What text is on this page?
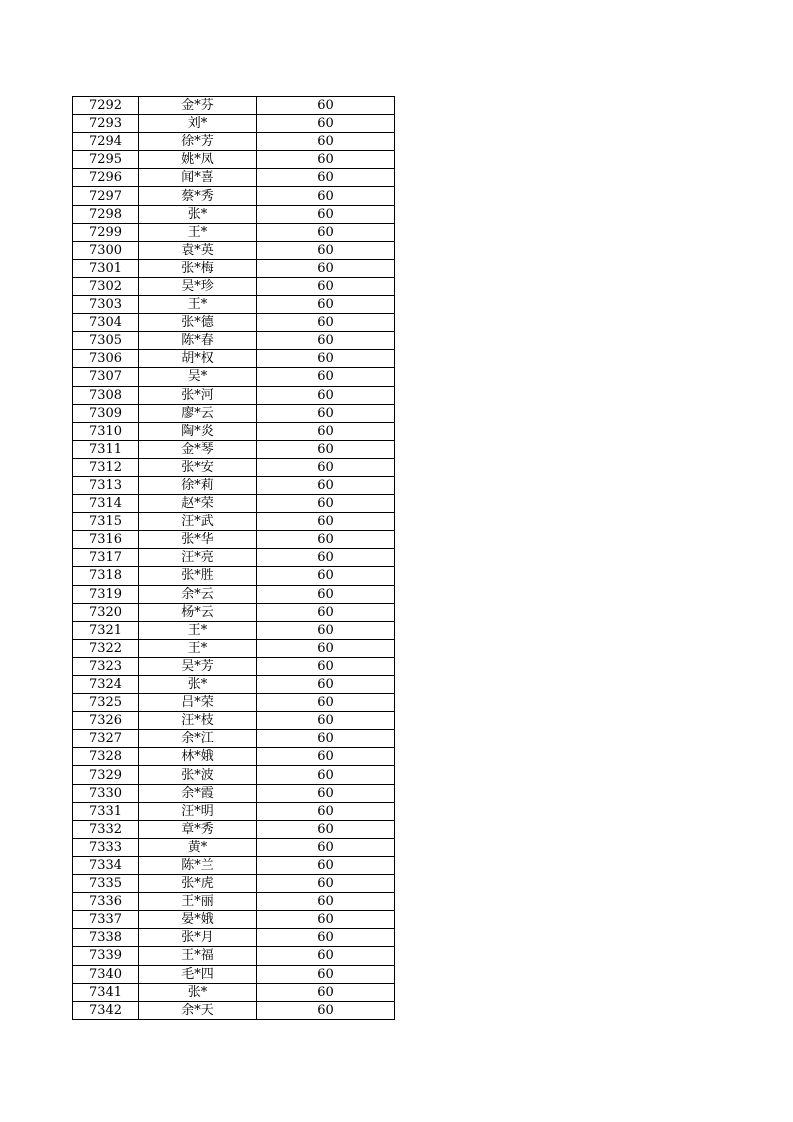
7292	金*芬	60
7293	刘*	60
7294	徐*芳	60
7295	姚*凤	60
7296	闻*喜	60
7297	蔡*秀	60
7298	张*	60
7299	王*	60
7300	袁*英	60
7301	张*梅	60
7302	吴*珍	60
7303	王*	60
7304	张*德	60
7305	陈*春	60
7306	胡*权	60
7307	吴*	60
7308	张*河	60
7309	廖*云	60
7310	陶*炎	60
7311	金*琴	60
7312	张*安	60
7313	徐*莉	60
7314	赵*荣	60
7315	汪*武	60
7316	张*华	60
7317	汪*亮	60
7318	张*胜	60
7319	余*云	60
7320	杨*云	60
7321	王*	60
7322	王*	60
7323	吴*芳	60
7324	张*	60
7325	吕*荣	60
7326	汪*枝	60
7327	余*江	60
7328	林*娥	60
7329	张*波	60
7330	余*霞	60
7331	汪*明	60
7332	章*秀	60
7333	黄*	60
7334	陈*兰	60
7335	张*虎	60
7336	王*丽	60
7337	晏*娥	60
7338	张*月	60
7339	王*福	60
7340	毛*四	60
7341	张*	60
7342	余*天	60
